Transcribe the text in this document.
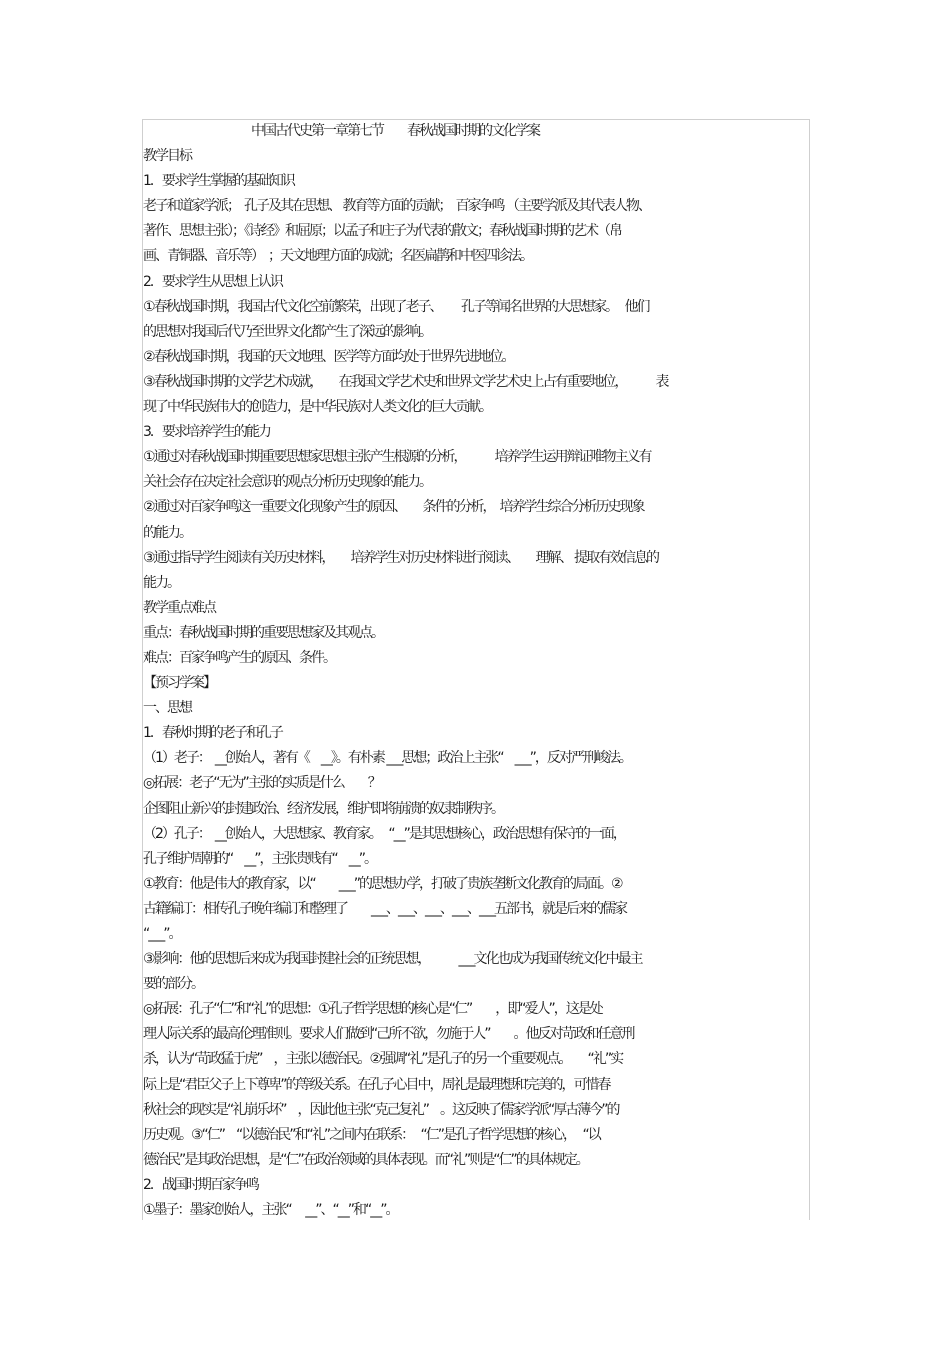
　　　　　　　　　中国古代史第一章第七节　　春秋战国时期的文化学案
教学目标
1．要求学生掌握的基础知识
老子和道家学派；　孔子及其在思想、 教育等方面的贡献；　百家争鸣 （主要学派及其代表人物、
著作、思想主张）；《诗经》和屈原；以孟子和庄子为代表的散文；春秋战国时期的艺术（帛
画、青铜器、音乐等）　；天文地理方面的成就；名医扁鹊和中医四诊法。
2．要求学生从思想上认识
①春秋战国时期，我国古代文化空前繁荣，出现了老子、　　 孔子等闻名世界的大思想家。　 他们
的思想对我国后代乃至世界文化都产生了深远的影响。
②春秋战国时期，我国的天文地理、医学等方面均处于世界先进地位。
③春秋战国时期的文学艺术成就，　　在我国文学艺术史和世界文学艺术史上占有重要地位，　　　表
现了中华民族伟大的创造力，是中华民族对人类文化的巨大贡献。
3．要求培养学生的能力
①通过对春秋战国时期重要思想家思想主张产生根源的分析，　　　培养学生运用辩证唯物主义有
关社会存在决定社会意识的观点分析历史现象的能力。
②通过对百家争鸣这一重要文化现象产生的原因、　　条件的分析，　培养学生综合分析历史现象
的能力。
③通过指导学生阅读有关历史材料，　　培养学生对历史材料进行阅读、　　理解、 提取有效信息的
能力。
教学重点难点
重点：春秋战国时期的重要思想家及其观点。
难点：百家争鸣产生的原因、条件。
【预习学案】
一、思想
1．春秋时期的老子和孔子
（1）老子：　__创始人，著有《　__》。有朴素 ___思想；政治上主张“　___”，反对严刑峻法。
◎拓展：老子“无为”主张的实质是什么　　？
企图阻止新兴的封建政治、经济发展，维护即将崩溃的奴隶制秩序。
（2）孔子：　__创始人，大思想家、教育家。　 “__”是其思想核心，政治思想有保守的一面，
孔子维护周朝的“　__”，主张贵贱有“　__”。
①教育：他是伟大的教育家，以“　　___”的思想办学，打破了贵族垄断文化教育的局面。②
古籍编订：相传孔子晚年编订和整理了　　___、___、___、___、___五部书，就是后来的儒家
“___”。
③影响：他的思想后来成为我国封建社会的正统思想，　　　___文化也成为我国传统文化中最主
要的部分。
◎拓展：孔子“仁”和“礼”的思想：①孔子哲学思想的核心是“仁”　　，即“爱人”，这是处
理人际关系的最高伦理准则。要求人们做到“己所不欲，勿施于人”　　。他反对苛政和任意刑
杀，认为“苛政猛于虎”　，主张以德治民。②强调“礼”是孔子的另一个重要观点。　　“礼”实
际上是“君臣父子上下尊卑”的等级关系。在孔子心目中，周礼是最理想和完美的，可惜春
秋社会的现实是“礼崩乐坏”　，因此他主张“克己复礼”　。这反映了儒家学派“厚古薄今”的
历史观。③“仁”　“以德治民”和“礼”之间内在联系：　 “仁”是孔子哲学思想的核心，　 “以
德治民”是其政治思想，是“仁”在政治领域的具体表现。而“礼”则是“仁”的具体规定。
2．战国时期百家争鸣
①墨子：墨家创始人，主张“　 __”、“__”和“__”。
